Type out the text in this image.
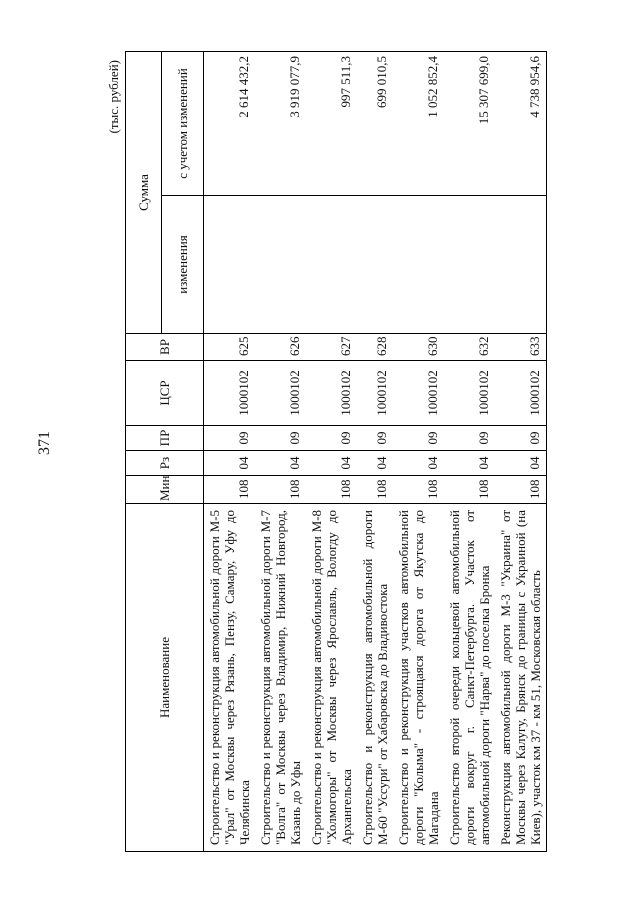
371
(тыс. рублей)
Наименование	Мин	Рз	ПР	ЦСР	ВР	Сумма	
						изменения	с учетом изменений
Строительство и реконструкция автомобильной дороги М-5 "Урал" от Москвы через Рязань, Пензу, Самару, Уфу до Челябинска	108	04	09	1000102	625		2 614 432,2
Строительство и реконструкция автомобильной дороги М-7 "Волга" от Москвы через Владимир, Нижний Новгород, Казань до Уфы	108	04	09	1000102	626		3 919 077,9
Строительство и реконструкция автомобильной дороги М-8 "Холмогоры" от Москвы через Ярославль, Вологду до Архангельска	108	04	09	1000102	627		997 511,3
Строительство и реконструкция автомобильной дороги М-60 "Уссури" от Хабаровска до Владивостока	108	04	09	1000102	628		699 010,5
Строительство и реконструкция участков автомобильной дороги "Колыма" - строящаяся дорога от Якутска до Магадана	108	04	09	1000102	630		1 052 852,4
Строительство второй очереди кольцевой автомобильной дороги вокруг г. Санкт-Петербурга. Участок от автомобильной дороги "Нарва" до поселка Бронка	108	04	09	1000102	632		15 307 699,0
Реконструкция автомобильной дороги М-3 "Украина" от Москвы через Калугу, Брянск до границы с Украиной (на Киев), участок км 37 - км 51, Московская область	108	04	09	1000102	633		4 738 954,6
